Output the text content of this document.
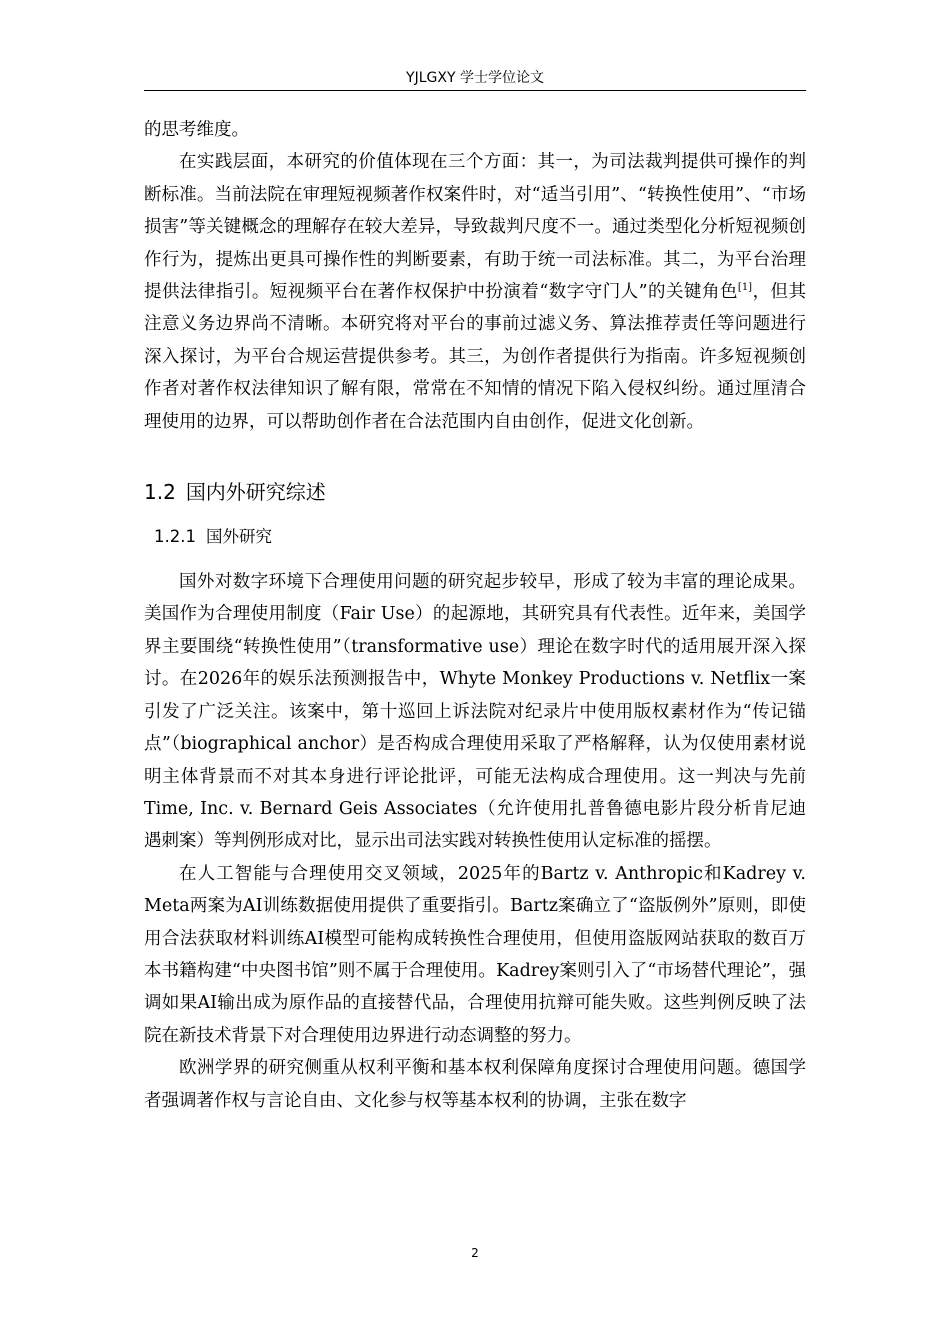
YJLGXY 学士学位论文

的思考维度。

在实践层面，本研究的价值体现在三个方面：其一，为司法裁判提供可操作的判断标准。当前法院在审理短视频著作权案件时，对“适当引用”、“转换性使用”、“市场损害”等关键概念的理解存在较大差异，导致裁判尺度不一。通过类型化分析短视频创作行为，提炼出更具可操作性的判断要素，有助于统一司法标准。其二，为平台治理提供法律指引。短视频平台在著作权保护中扮演着“数字守门人”的关键角色[1]，但其注意义务边界尚不清晰。本研究将对平台的事前过滤义务、算法推荐责任等问题进行深入探讨，为平台合规运营提供参考。其三，为创作者提供行为指南。许多短视频创作者对著作权法律知识了解有限，常常在不知情的情况下陷入侵权纠纷。通过厘清合理使用的边界，可以帮助创作者在合法范围内自由创作，促进文化创新。

1.2 国内外研究综述
1.2.1 国外研究

国外对数字环境下合理使用问题的研究起步较早，形成了较为丰富的理论成果。美国作为合理使用制度（Fair Use）的起源地，其研究具有代表性。近年来，美国学界主要围绕“转换性使用”（transformative use）理论在数字时代的适用展开深入探讨。在2026年的娱乐法预测报告中，Whyte Monkey Productions v. Netflix一案引发了广泛关注。该案中，第十巡回上诉法院对纪录片中使用版权素材作为“传记锚点”（biographical anchor）是否构成合理使用采取了严格解释，认为仅使用素材说明主体背景而不对其本身进行评论批评，可能无法构成合理使用。这一判决与先前Time, Inc. v. Bernard Geis Associates（允许使用扎普鲁德电影片段分析肯尼迪遇刺案）等判例形成对比，显示出司法实践对转换性使用认定标准的摇摆。

在人工智能与合理使用交叉领域，2025年的Bartz v. Anthropic和Kadrey v. Meta两案为AI训练数据使用提供了重要指引。Bartz案确立了“盗版例外”原则，即使用合法获取材料训练AI模型可能构成转换性合理使用，但使用盗版网站获取的数百万本书籍构建“中央图书馆”则不属于合理使用。Kadrey案则引入了“市场替代理论”，强调如果AI输出成为原作品的直接替代品，合理使用抗辩可能失败。这些判例反映了法院在新技术背景下对合理使用边界进行动态调整的努力。

欧洲学界的研究侧重从权利平衡和基本权利保障角度探讨合理使用问题。德国学者强调著作权与言论自由、文化参与权等基本权利的协调，主张在数字

2
